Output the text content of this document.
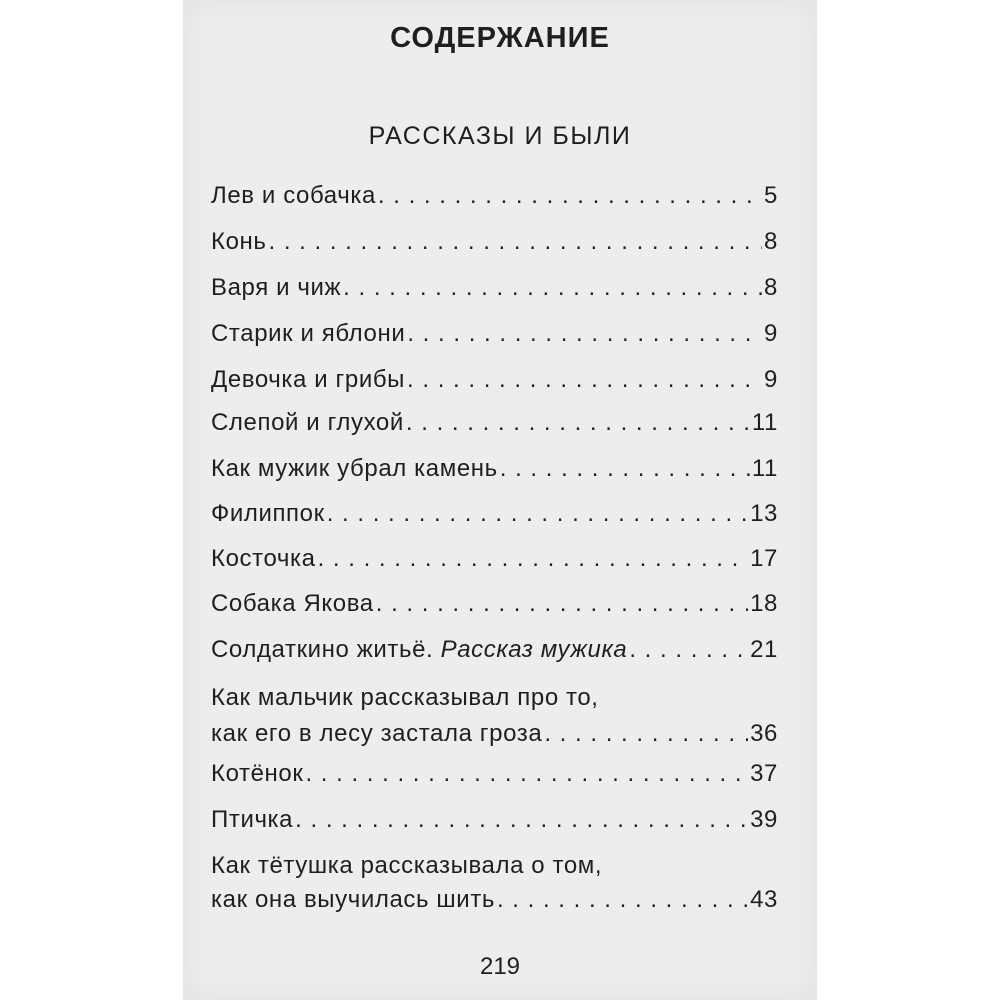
СОДЕРЖАНИЕ
РАССКАЗЫ И БЫЛИ
Лев и собачка . . .	5
Конь . . .	8
Варя и чиж . . .	8
Старик и яблони . . .	9
Девочка и грибы . . .	9
Слепой и глухой . . .	11
Как мужик убрал камень . . .	11
Филиппок . . .	13
Косточка . . .	17
Собака Якова . . .	18
Солдаткино житьё.
Рассказ мужика . . .	21
Как мальчик рассказывал про то,
как его в лесу застала гроза . . .	36
Котёнок . . .	37
Птичка . . .	39
Как тётушка рассказывала о том,
как она выучилась шить . . .	43
219
